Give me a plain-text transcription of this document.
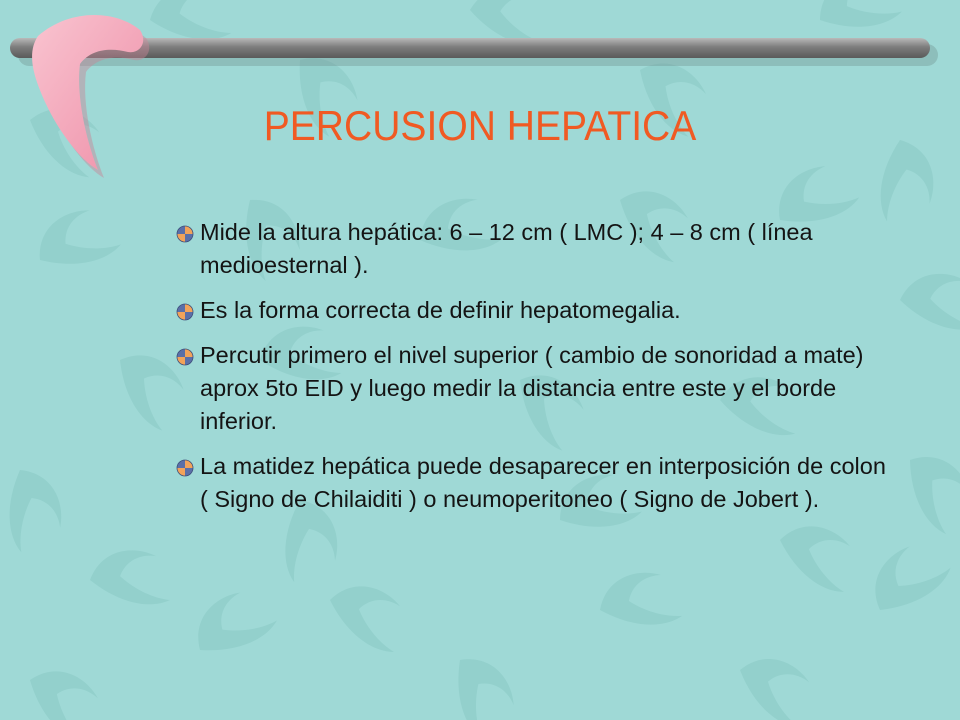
PERCUSION HEPATICA
Mide la altura hepática: 6 – 12 cm ( LMC ); 4 – 8 cm ( línea medioesternal ).
Es la forma correcta de definir hepatomegalia.
Percutir primero el nivel superior ( cambio de sonoridad a mate) aprox 5to EID y luego medir la distancia entre este y el borde inferior.
La matidez hepática puede desaparecer en interposición de colon ( Signo de Chilaiditi ) o neumoperitoneo ( Signo de Jobert ).
